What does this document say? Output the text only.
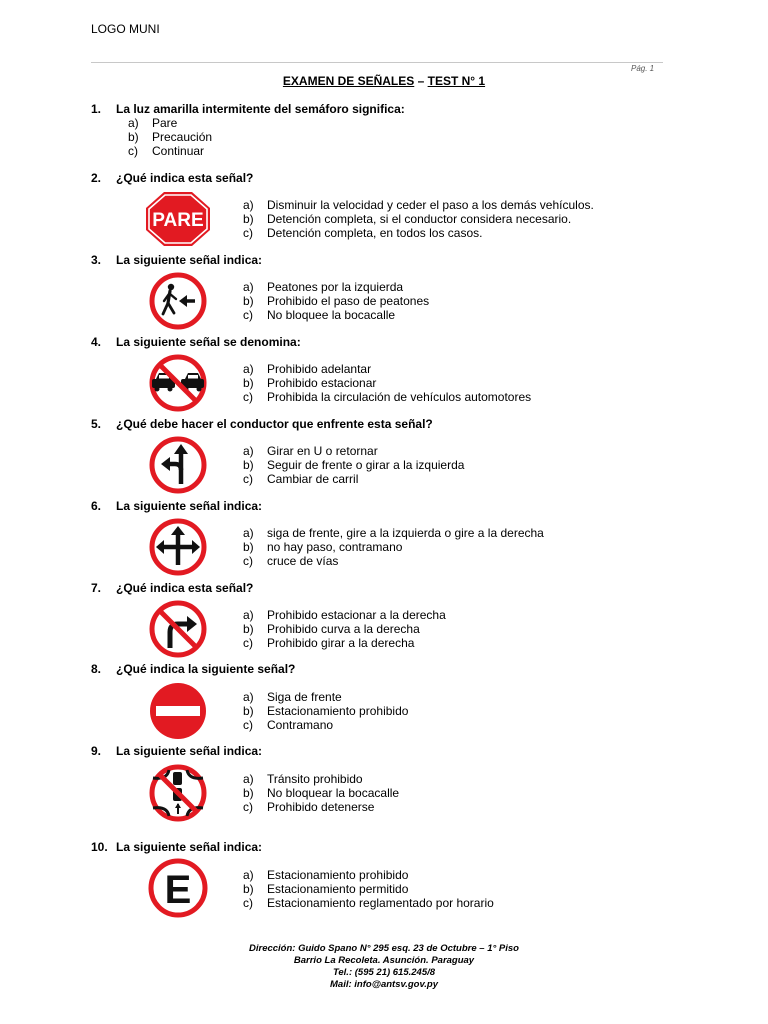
LOGO MUNI
Pág. 1
EXAMEN DE SEÑALES – TEST N° 1
1. La luz amarilla intermitente del semáforo significa:
a) Pare
b) Precaución
c) Continuar
2. ¿Qué indica esta señal?
PARE
a) Disminuir la velocidad y ceder el paso a los demás vehículos.
b) Detención completa, si el conductor considera necesario.
c) Detención completa, en todos los casos.
3. La siguiente señal indica:
a) Peatones por la izquierda
b) Prohibido el paso de peatones
c) No bloquee la bocacalle
4. La siguiente señal se denomina:
a) Prohibido adelantar
b) Prohibido estacionar
c) Prohibida la circulación de vehículos automotores
5. ¿Qué debe hacer el conductor que enfrente esta señal?
a) Girar en U o retornar
b) Seguir de frente o girar a la izquierda
c) Cambiar de carril
6. La siguiente señal indica:
a) siga de frente, gire a la izquierda o gire a la derecha
b) no hay paso, contramano
c) cruce de vías
7. ¿Qué indica esta señal?
a) Prohibido estacionar a la derecha
b) Prohibido curva a la derecha
c) Prohibido girar a la derecha
8. ¿Qué indica la siguiente señal?
a) Siga de frente
b) Estacionamiento prohibido
c) Contramano
9. La siguiente señal indica:
a) Tránsito prohibido
b) No bloquear la bocacalle
c) Prohibido detenerse
10. La siguiente señal indica:
E	a) Estacionamiento prohibido
b) Estacionamiento permitido
c) Estacionamiento reglamentado por horario
Dirección: Guido Spano N° 295 esq. 23 de Octubre – 1° Piso
Barrio La Recoleta. Asunción. Paraguay
Tel.: (595 21) 615.245/8
Mail: info@antsv.gov.py
